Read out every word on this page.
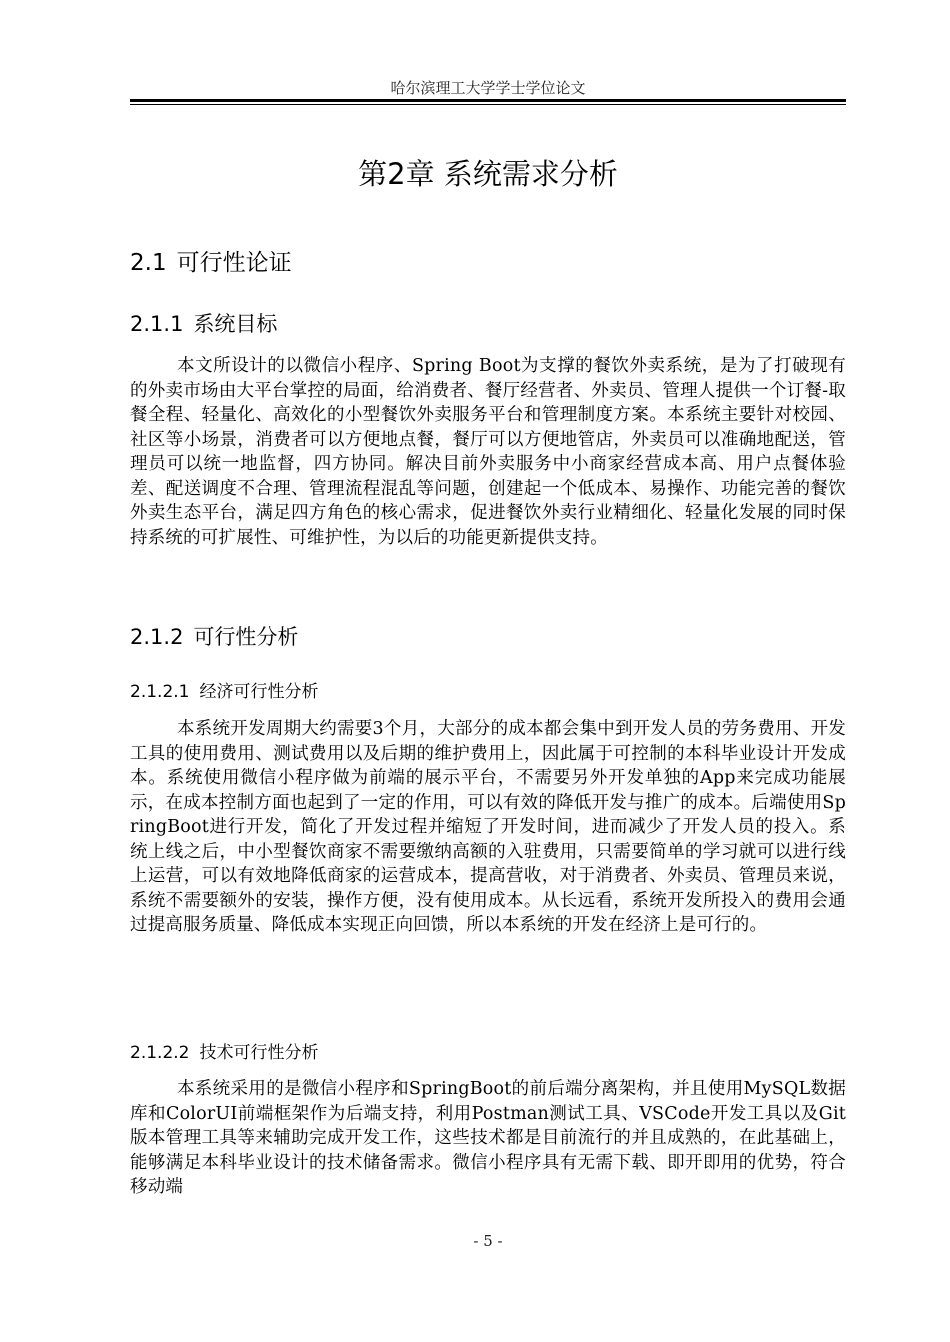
哈尔滨理工大学学士学位论文
第2章 系统需求分析
2.1 可行性论证
2.1.1 系统目标

本文所设计的以微信小程序、Spring Boot为支撑的餐饮外卖系统，是为了打破现有的外卖市场由大平台掌控的局面，给消费者、餐厅经营者、外卖员、管理人提供一个订餐-取餐全程、轻量化、高效化的小型餐饮外卖服务平台和管理制度方案。本系统主要针对校园、社区等小场景，消费者可以方便地点餐，餐厅可以方便地管店，外卖员可以准确地配送，管理员可以统一地监督，四方协同。解决目前外卖服务中小商家经营成本高、用户点餐体验差、配送调度不合理、管理流程混乱等问题，创建起一个低成本、易操作、功能完善的餐饮外卖生态平台，满足四方角色的核心需求，促进餐饮外卖行业精细化、轻量化发展的同时保持系统的可扩展性、可维护性，为以后的功能更新提供支持。

2.1.2 可行性分析
2.1.2.1 经济可行性分析

本系统开发周期大约需要3个月，大部分的成本都会集中到开发人员的劳务费用、开发工具的使用费用、测试费用以及后期的维护费用上，因此属于可控制的本科毕业设计开发成本。系统使用微信小程序做为前端的展示平台，不需要另外开发单独的App来完成功能展示，在成本控制方面也起到了一定的作用，可以有效的降低开发与推广的成本。后端使用SpringBoot进行开发，简化了开发过程并缩短了开发时间，进而减少了开发人员的投入。系统上线之后，中小型餐饮商家不需要缴纳高额的入驻费用，只需要简单的学习就可以进行线上运营，可以有效地降低商家的运营成本，提高营收，对于消费者、外卖员、管理员来说，系统不需要额外的安装，操作方便，没有使用成本。从长远看，系统开发所投入的费用会通过提高服务质量、降低成本实现正向回馈，所以本系统的开发在经济上是可行的。

2.1.2.2 技术可行性分析

本系统采用的是微信小程序和SpringBoot的前后端分离架构，并且使用MySQL数据库和ColorUI前端框架作为后端支持，利用Postman测试工具、VSCode开发工具以及Git版本管理工具等来辅助完成开发工作，这些技术都是目前流行的并且成熟的，在此基础上，能够满足本科毕业设计的技术储备需求。微信小程序具有无需下载、即开即用的优势，符合移动端

- 5 -
